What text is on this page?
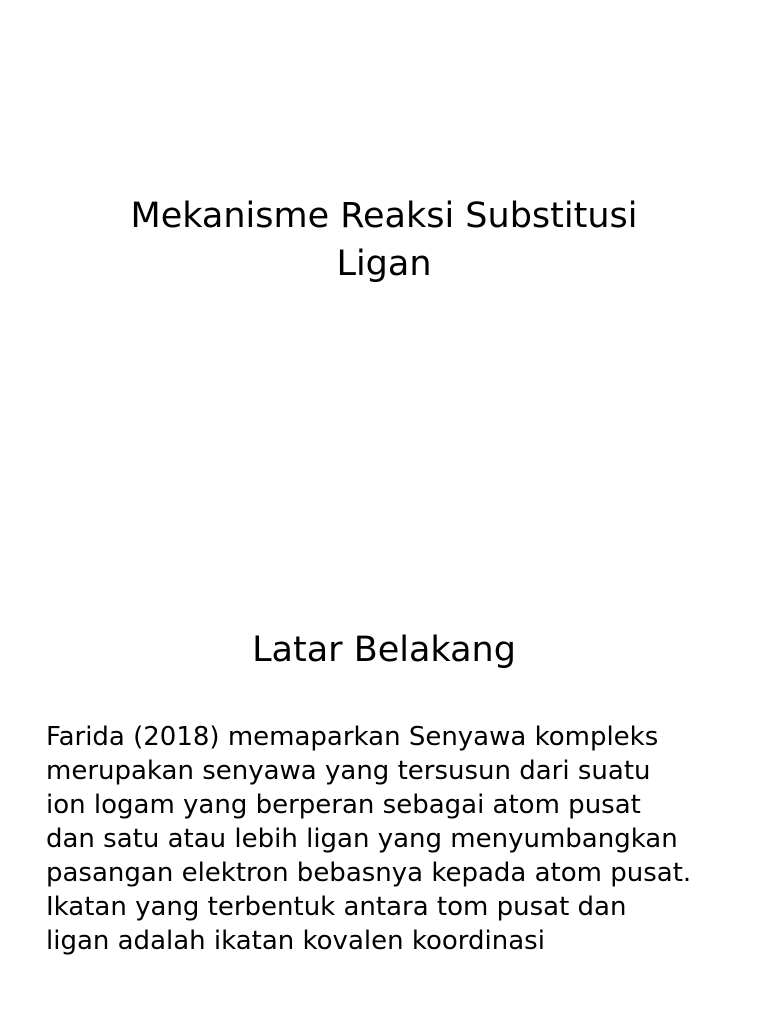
Mekanisme Reaksi Substitusi
Ligan
Latar Belakang

Farida (2018) memaparkan Senyawa kompleks
merupakan senyawa yang tersusun dari suatu
ion logam yang berperan sebagai atom pusat
dan satu atau lebih ligan yang menyumbangkan
pasangan elektron bebasnya kepada atom pusat.
Ikatan yang terbentuk antara tom pusat dan
ligan adalah ikatan kovalen koordinasi
